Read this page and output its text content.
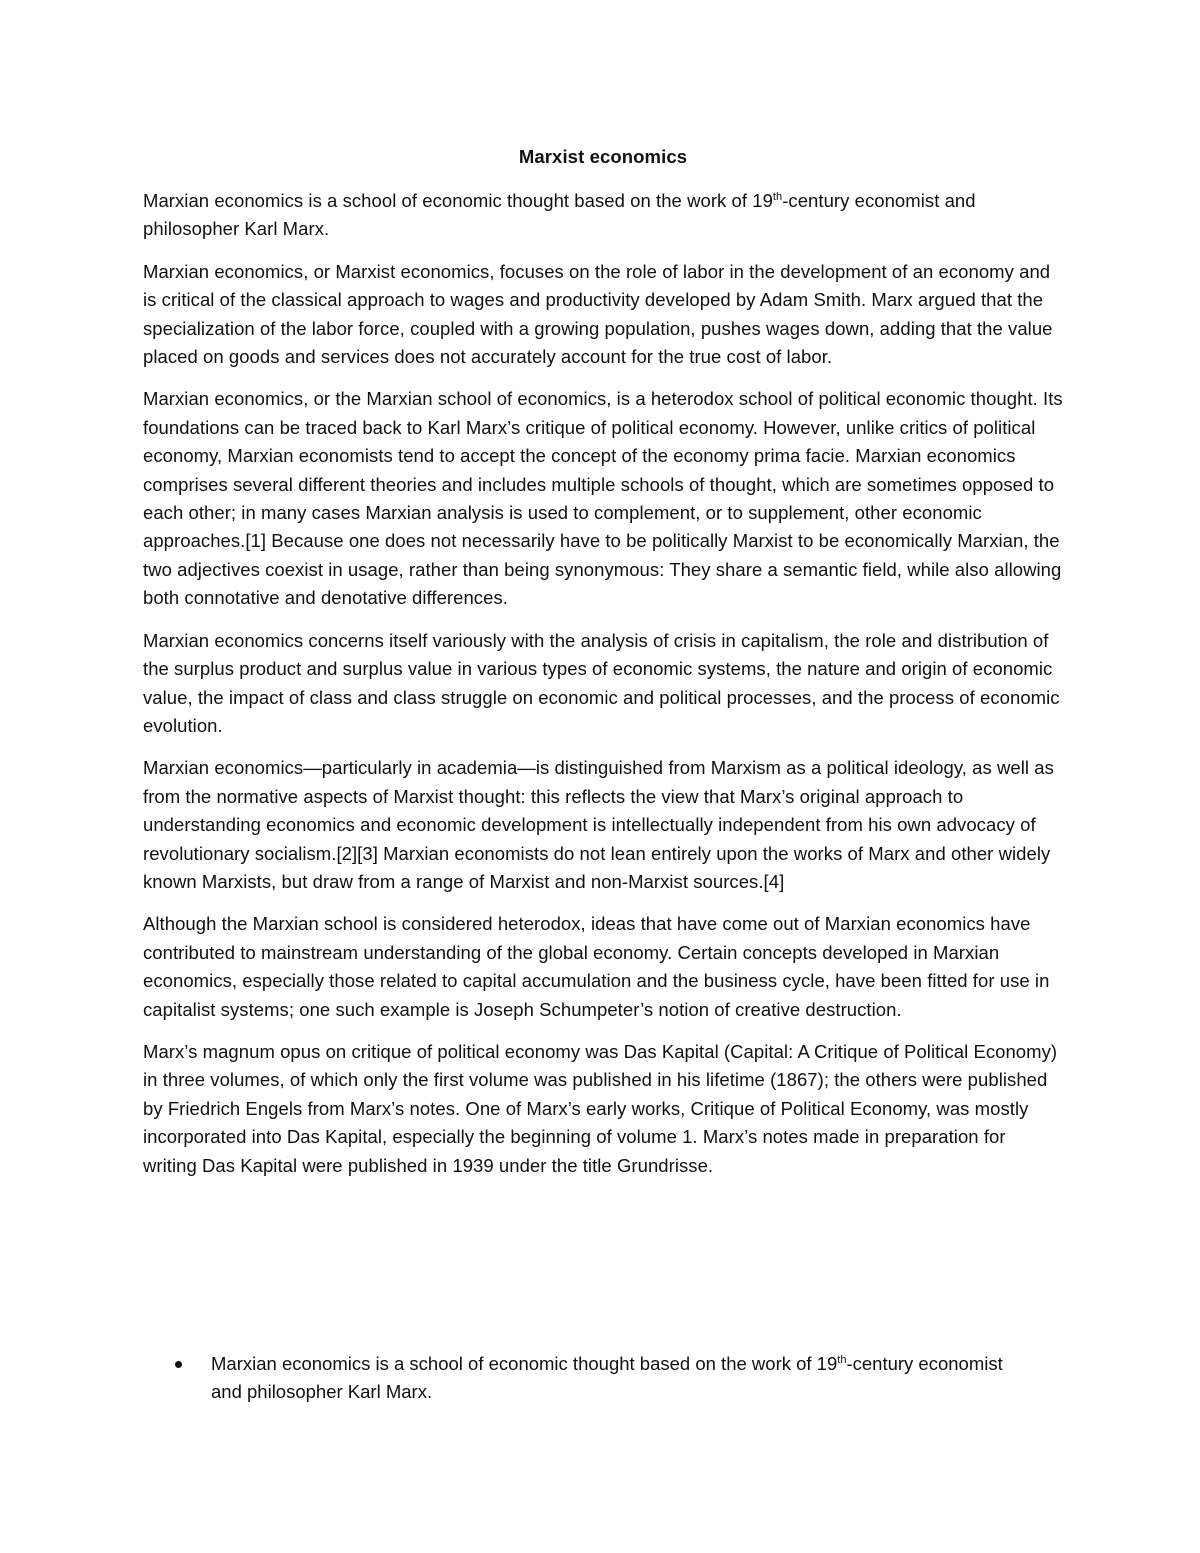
Marxist economics

Marxian economics is a school of economic thought based on the work of 19th-century economist and philosopher Karl Marx.

Marxian economics, or Marxist economics, focuses on the role of labor in the development of an economy and is critical of the classical approach to wages and productivity developed by Adam Smith. Marx argued that the specialization of the labor force, coupled with a growing population, pushes wages down, adding that the value placed on goods and services does not accurately account for the true cost of labor.

Marxian economics, or the Marxian school of economics, is a heterodox school of political economic thought. Its foundations can be traced back to Karl Marx’s critique of political economy. However, unlike critics of political economy, Marxian economists tend to accept the concept of the economy prima facie. Marxian economics comprises several different theories and includes multiple schools of thought, which are sometimes opposed to each other; in many cases Marxian analysis is used to complement, or to supplement, other economic approaches.[1] Because one does not necessarily have to be politically Marxist to be economically Marxian, the two adjectives coexist in usage, rather than being synonymous: They share a semantic field, while also allowing both connotative and denotative differences.

Marxian economics concerns itself variously with the analysis of crisis in capitalism, the role and distribution of the surplus product and surplus value in various types of economic systems, the nature and origin of economic value, the impact of class and class struggle on economic and political processes, and the process of economic evolution.

Marxian economics—particularly in academia—is distinguished from Marxism as a political ideology, as well as from the normative aspects of Marxist thought: this reflects the view that Marx’s original approach to understanding economics and economic development is intellectually independent from his own advocacy of revolutionary socialism.[2][3] Marxian economists do not lean entirely upon the works of Marx and other widely known Marxists, but draw from a range of Marxist and non-Marxist sources.[4]

Although the Marxian school is considered heterodox, ideas that have come out of Marxian economics have contributed to mainstream understanding of the global economy. Certain concepts developed in Marxian economics, especially those related to capital accumulation and the business cycle, have been fitted for use in capitalist systems; one such example is Joseph Schumpeter’s notion of creative destruction.

Marx’s magnum opus on critique of political economy was Das Kapital (Capital: A Critique of Political Economy) in three volumes, of which only the first volume was published in his lifetime (1867); the others were published by Friedrich Engels from Marx’s notes. One of Marx’s early works, Critique of Political Economy, was mostly incorporated into Das Kapital, especially the beginning of volume 1. Marx’s notes made in preparation for writing Das Kapital were published in 1939 under the title Grundrisse.

Marxian economics is a school of economic thought based on the work of 19th-century economist and philosopher Karl Marx.
